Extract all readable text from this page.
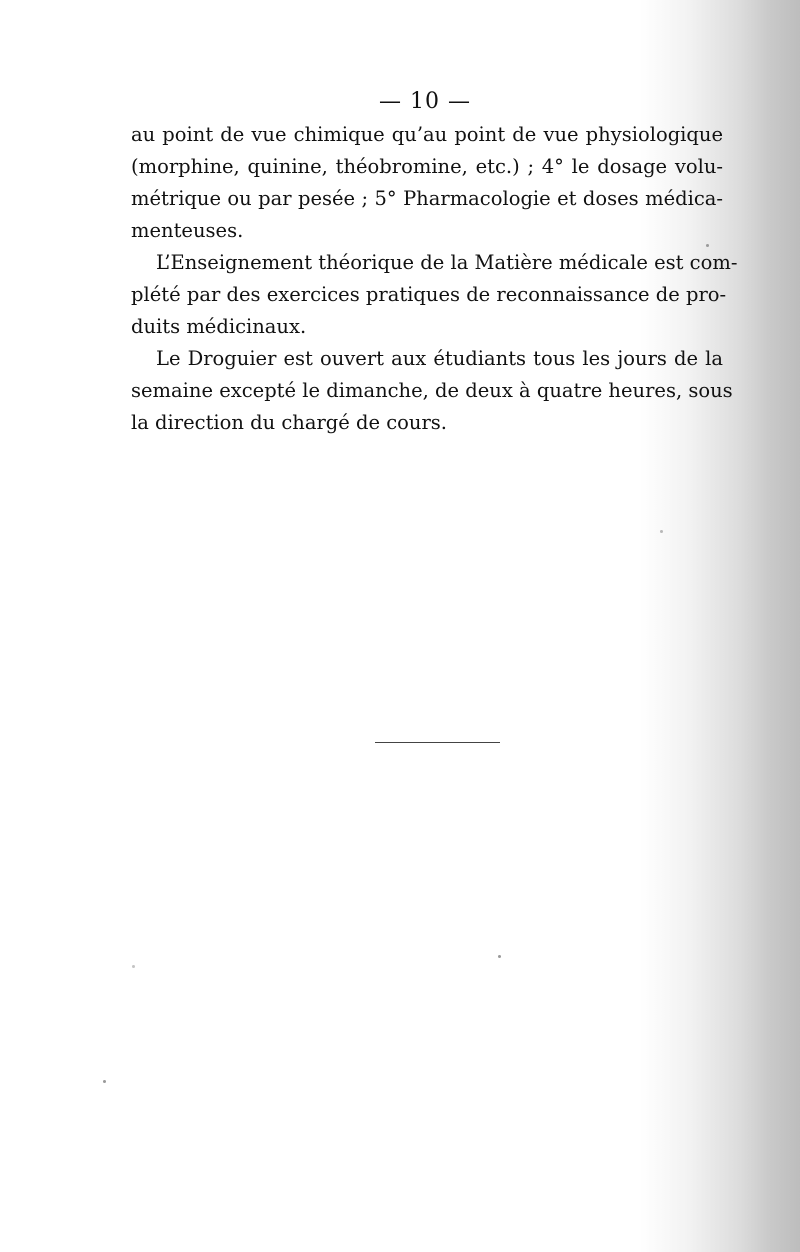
— 10 —
au point de vue chimique qu’au point de vue physiologique
(morphine, quinine, théobromine, etc.) ; 4° le dosage volu-
métrique ou par pesée ; 5° Pharmacologie et doses médica-
menteuses.
L’Enseignement théorique de la Matière médicale est com-
plété par des exercices pratiques de reconnaissance de pro-
duits médicinaux.
Le Droguier est ouvert aux étudiants tous les jours de la
semaine excepté le dimanche, de deux à quatre heures, sous
la direction du chargé de cours.
